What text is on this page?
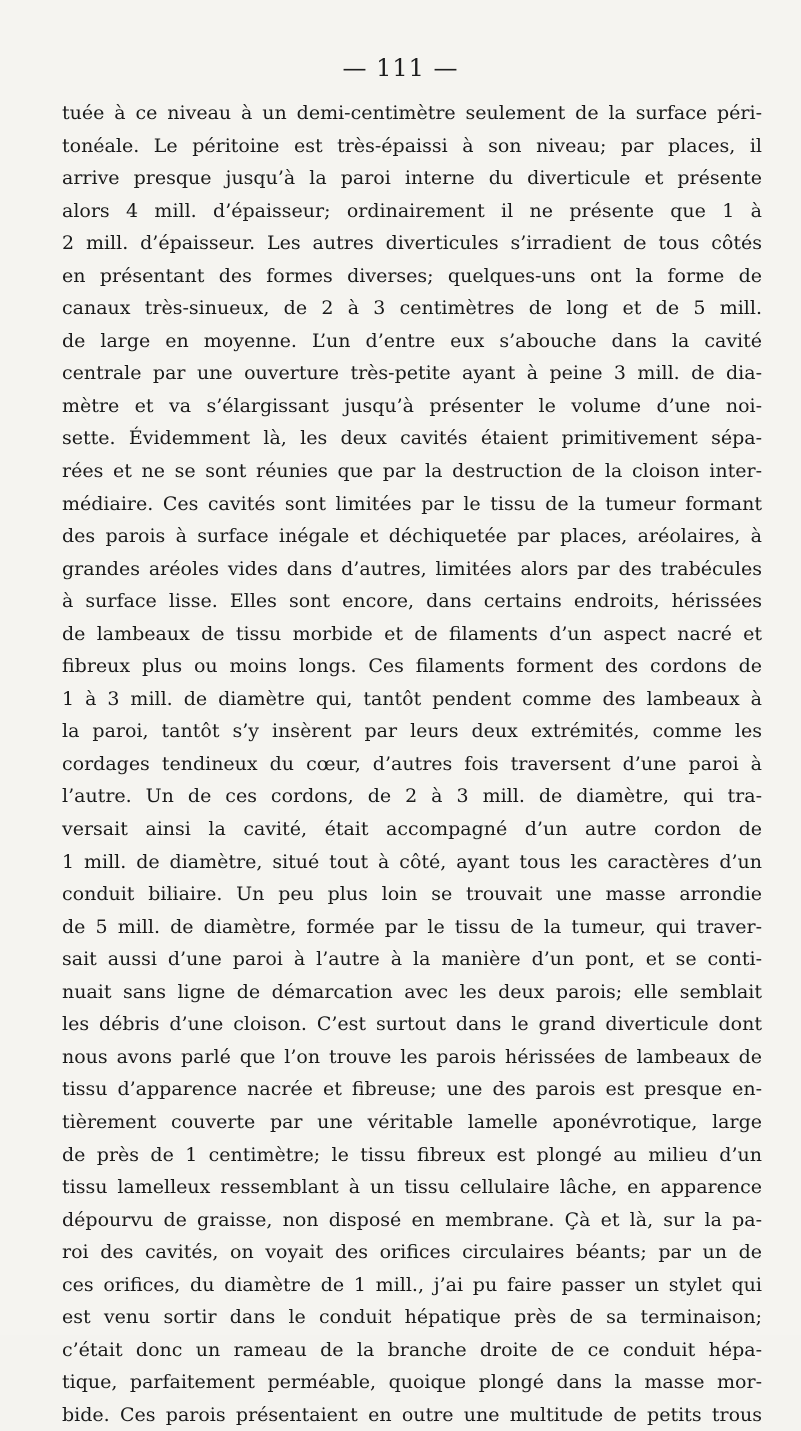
— 111 —
tuée à ce niveau à un demi-centimètre seulement de la surface péri-
tonéale. Le péritoine est très-épaissi à son niveau; par places, il
arrive presque jusqu’à la paroi interne du diverticule et présente
alors 4 mill. d’épaisseur; ordinairement il ne présente que 1 à
2 mill. d’épaisseur. Les autres diverticules s’irradient de tous côtés
en présentant des formes diverses; quelques-uns ont la forme de
canaux très-sinueux, de 2 à 3 centimètres de long et de 5 mill.
de large en moyenne. L’un d’entre eux s’abouche dans la cavité
centrale par une ouverture très-petite ayant à peine 3 mill. de dia-
mètre et va s’élargissant jusqu’à présenter le volume d’une noi-
sette. Évidemment là, les deux cavités étaient primitivement sépa-
rées et ne se sont réunies que par la destruction de la cloison inter-
médiaire. Ces cavités sont limitées par le tissu de la tumeur formant
des parois à surface inégale et déchiquetée par places, aréolaires, à
grandes aréoles vides dans d’autres, limitées alors par des trabécules
à surface lisse. Elles sont encore, dans certains endroits, hérissées
de lambeaux de tissu morbide et de filaments d’un aspect nacré et
fibreux plus ou moins longs. Ces filaments forment des cordons de
1 à 3 mill. de diamètre qui, tantôt pendent comme des lambeaux à
la paroi, tantôt s’y insèrent par leurs deux extrémités, comme les
cordages tendineux du cœur, d’autres fois traversent d’une paroi à
l’autre. Un de ces cordons, de 2 à 3 mill. de diamètre, qui tra-
versait ainsi la cavité, était accompagné d’un autre cordon de
1 mill. de diamètre, situé tout à côté, ayant tous les caractères d’un
conduit biliaire. Un peu plus loin se trouvait une masse arrondie
de 5 mill. de diamètre, formée par le tissu de la tumeur, qui traver-
sait aussi d’une paroi à l’autre à la manière d’un pont, et se conti-
nuait sans ligne de démarcation avec les deux parois; elle semblait
les débris d’une cloison. C’est surtout dans le grand diverticule dont
nous avons parlé que l’on trouve les parois hérissées de lambeaux de
tissu d’apparence nacrée et fibreuse; une des parois est presque en-
tièrement couverte par une véritable lamelle aponévrotique, large
de près de 1 centimètre; le tissu fibreux est plongé au milieu d’un
tissu lamelleux ressemblant à un tissu cellulaire lâche, en apparence
dépourvu de graisse, non disposé en membrane. Çà et là, sur la pa-
roi des cavités, on voyait des orifices circulaires béants; par un de
ces orifices, du diamètre de 1 mill., j’ai pu faire passer un stylet qui
est venu sortir dans le conduit hépatique près de sa terminaison;
c’était donc un rameau de la branche droite de ce conduit hépa-
tique, parfaitement perméable, quoique plongé dans la masse mor-
bide. Ces parois présentaient en outre une multitude de petits trous
